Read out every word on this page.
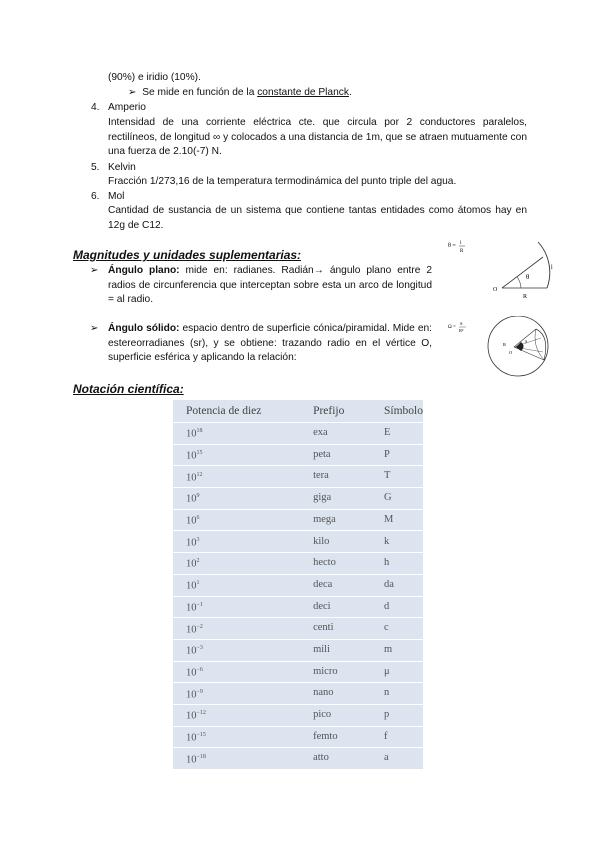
(90%) e iridio (10%).
➢ Se mide en función de la constante de Planck.
4. Amperio
Intensidad de una corriente eléctrica cte. que circula por 2 conductores paralelos, rectilíneos, de longitud ∞ y colocados a una distancia de 1m, que se atraen mutuamente con una fuerza de 2.10(-7) N.
5. Kelvin
Fracción 1/273,16 de la temperatura termodinámica del punto triple del agua.
6. Mol
Cantidad de sustancia de un sistema que contiene tantas entidades como átomos hay en 12g de C12.
Magnitudes y unidades suplementarias:
➢ Ángulo plano: mide en: radianes. Radián→ ángulo plano entre 2 radios de circunferencia que interceptan sobre esta un arco de longitud = al radio.
➢ Ángulo sólido: espacio dentro de superficie cónica/piramidal. Mide en: estereorradianes (sr), y se obtiene: trazando radio en el vértice O, superficie esférica y aplicando la relación:
θ = l
R
θ
l
O
R
Ω =
S
R²
R
O
S
Notación científica:
Potencia de diez	Prefijo	Símbolo
$10^{18}$	exa	E
$10^{15}$	peta	P
$10^{12}$	tera	T
$10^9$	giga	G
$10^6$	mega	M
$10^3$	kilo	k
$10^2$	hecto	h
$10^1$	deca	da
$10^{-1}$	deci	d
$10^{-2}$	centi	c
$10^{-3}$	mili	m
$10^{-6}$	micro	μ
$10^{-9}$	nano	n
$10^{-12}$	pico	p
$10^{-15}$	femto	f
$10^{-18}$	atto	a
